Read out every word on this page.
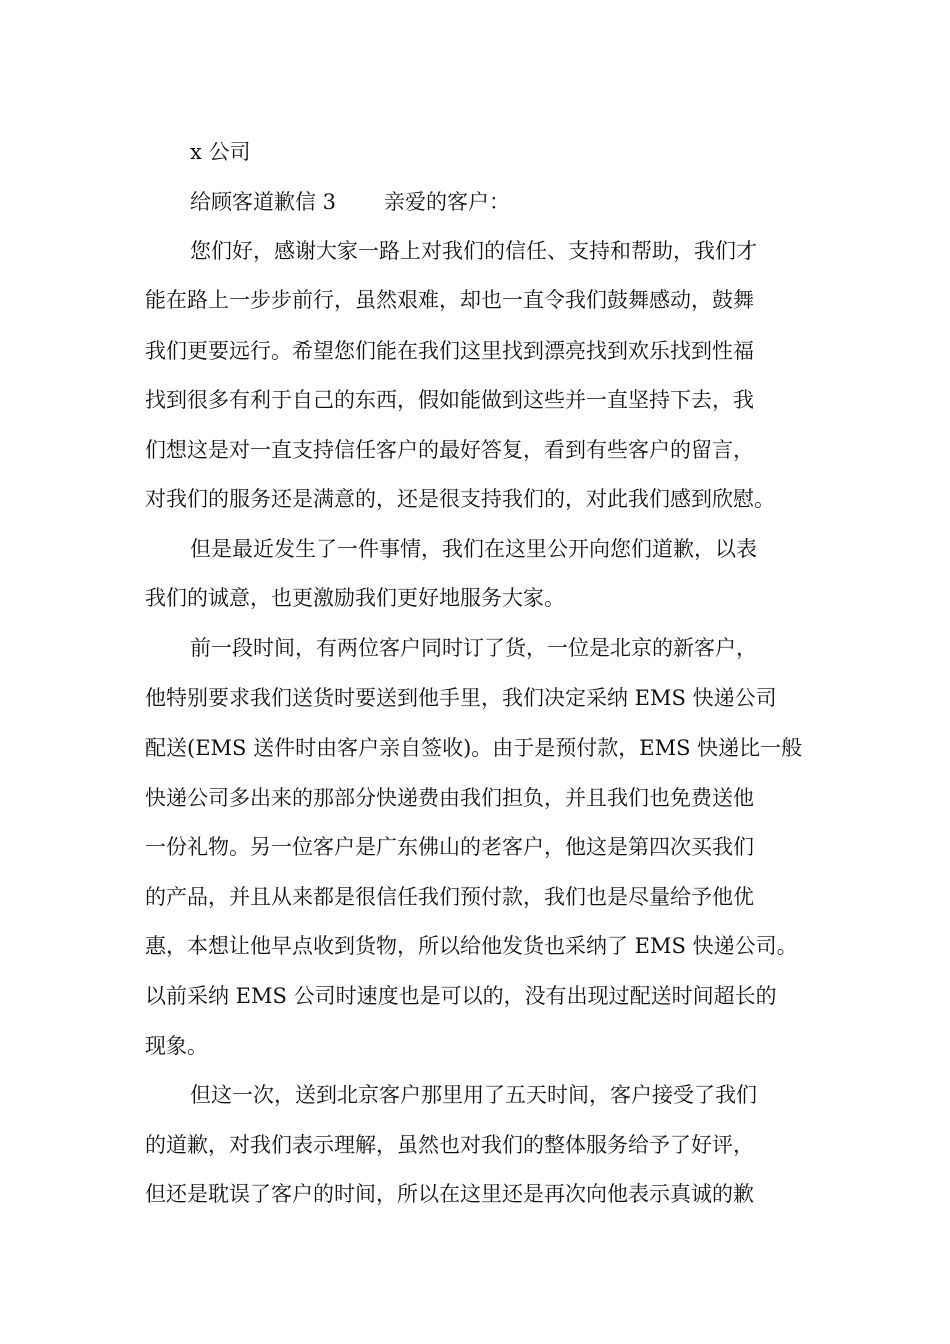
x 公司
给顾客道歉信 3 亲爱的客户：
您们好，感谢大家一路上对我们的信任、支持和帮助，我们才
能在路上一步步前行，虽然艰难，却也一直令我们鼓舞感动，鼓舞
我们更要远行。希望您们能在我们这里找到漂亮找到欢乐找到性福
找到很多有利于自己的东西，假如能做到这些并一直坚持下去，我
们想这是对一直支持信任客户的最好答复，看到有些客户的留言，
对我们的服务还是满意的，还是很支持我们的，对此我们感到欣慰。
但是最近发生了一件事情，我们在这里公开向您们道歉，以表
我们的诚意，也更激励我们更好地服务大家。
前一段时间，有两位客户同时订了货，一位是北京的新客户，
他特别要求我们送货时要送到他手里，我们决定采纳 EMS 快递公司
配送(EMS 送件时由客户亲自签收)。由于是预付款，EMS 快递比一般
快递公司多出来的那部分快递费由我们担负，并且我们也免费送他
一份礼物。另一位客户是广东佛山的老客户，他这是第四次买我们
的产品，并且从来都是很信任我们预付款，我们也是尽量给予他优
惠，本想让他早点收到货物，所以给他发货也采纳了 EMS 快递公司。
以前采纳 EMS 公司时速度也是可以的，没有出现过配送时间超长的
现象。
但这一次，送到北京客户那里用了五天时间，客户接受了我们
的道歉，对我们表示理解，虽然也对我们的整体服务给予了好评，
但还是耽误了客户的时间，所以在这里还是再次向他表示真诚的歉
